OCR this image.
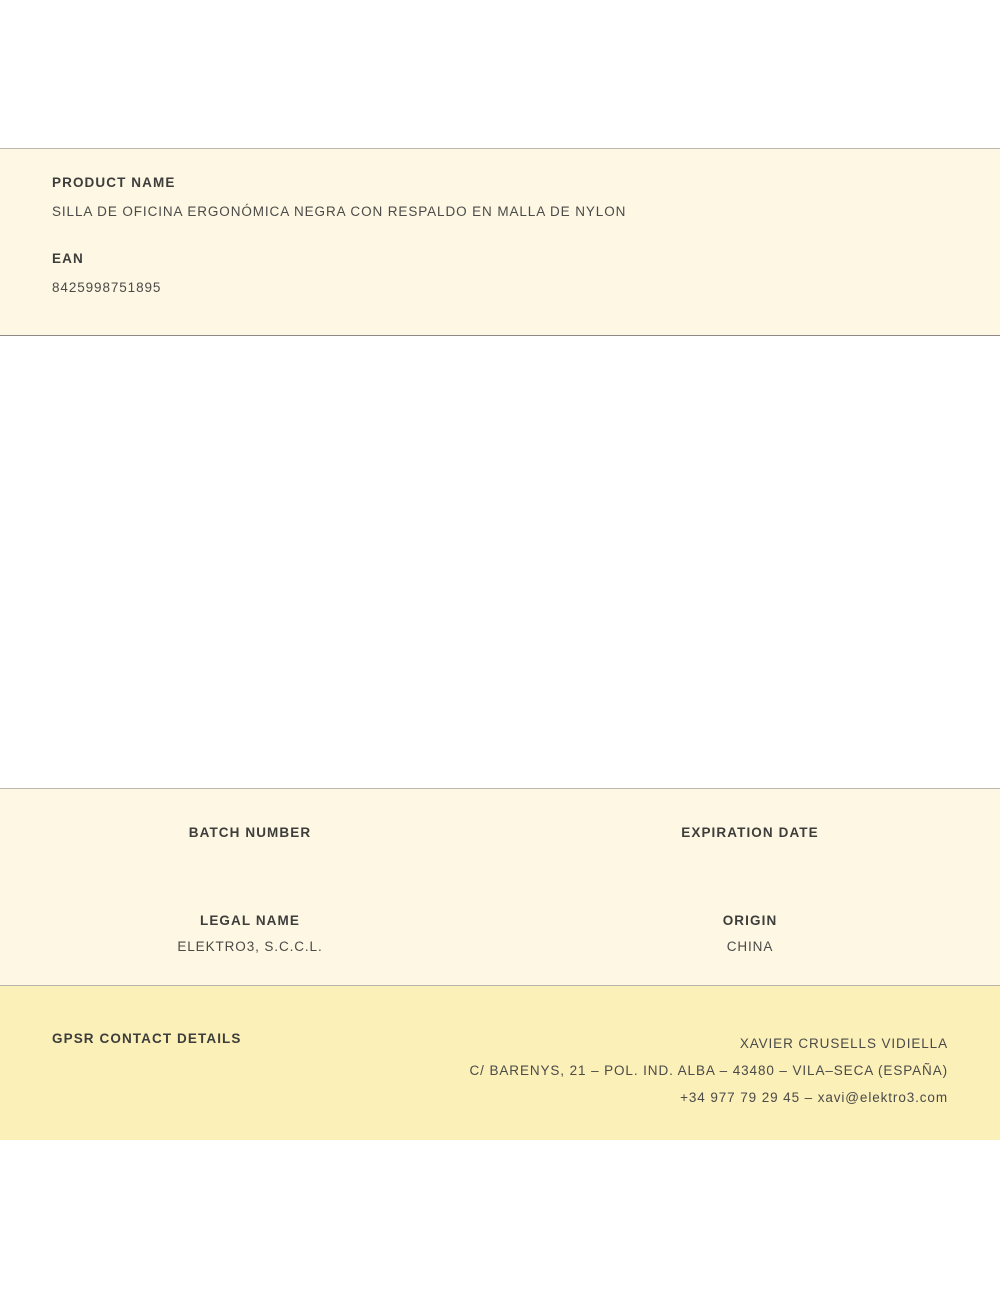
PRODUCT NAME

SILLA DE OFICINA ERGONÓMICA NEGRA CON RESPALDO EN MALLA DE NYLON

EAN

8425998751895

BATCH NUMBER	EXPIRATION DATE

LEGAL NAME

ELEKTRO3, S.C.C.L.

ORIGIN

CHINA

GPSR CONTACT DETAILS	XAVIER CRUSELLS VIDIELLA
C/ BARENYS, 21 – POL. IND. ALBA – 43480 – VILA–SECA (ESPAÑA)
+34 977 79 29 45 – xavi@elektro3.com
